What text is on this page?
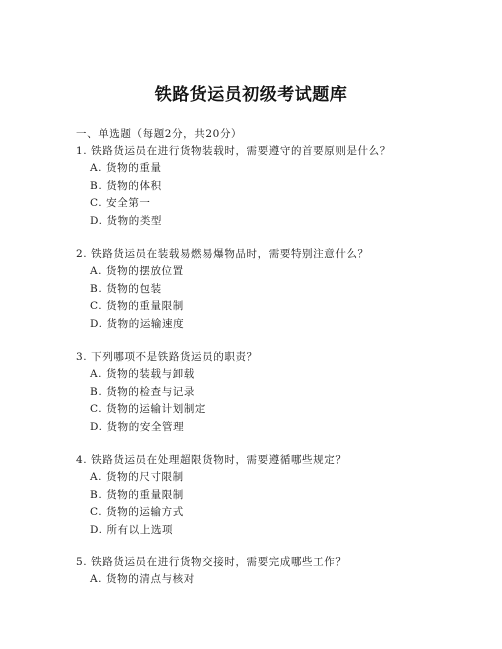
铁路货运员初级考试题库
一、单选题（每题2分，共20分）
1. 铁路货运员在进行货物装载时，需要遵守的首要原则是什么？
A. 货物的重量
B. 货物的体积
C. 安全第一
D. 货物的类型
2. 铁路货运员在装载易燃易爆物品时，需要特别注意什么？
A. 货物的摆放位置
B. 货物的包装
C. 货物的重量限制
D. 货物的运输速度
3. 下列哪项不是铁路货运员的职责？
A. 货物的装载与卸载
B. 货物的检查与记录
C. 货物的运输计划制定
D. 货物的安全管理
4. 铁路货运员在处理超限货物时，需要遵循哪些规定？
A. 货物的尺寸限制
B. 货物的重量限制
C. 货物的运输方式
D. 所有以上选项
5. 铁路货运员在进行货物交接时，需要完成哪些工作？
A. 货物的清点与核对
